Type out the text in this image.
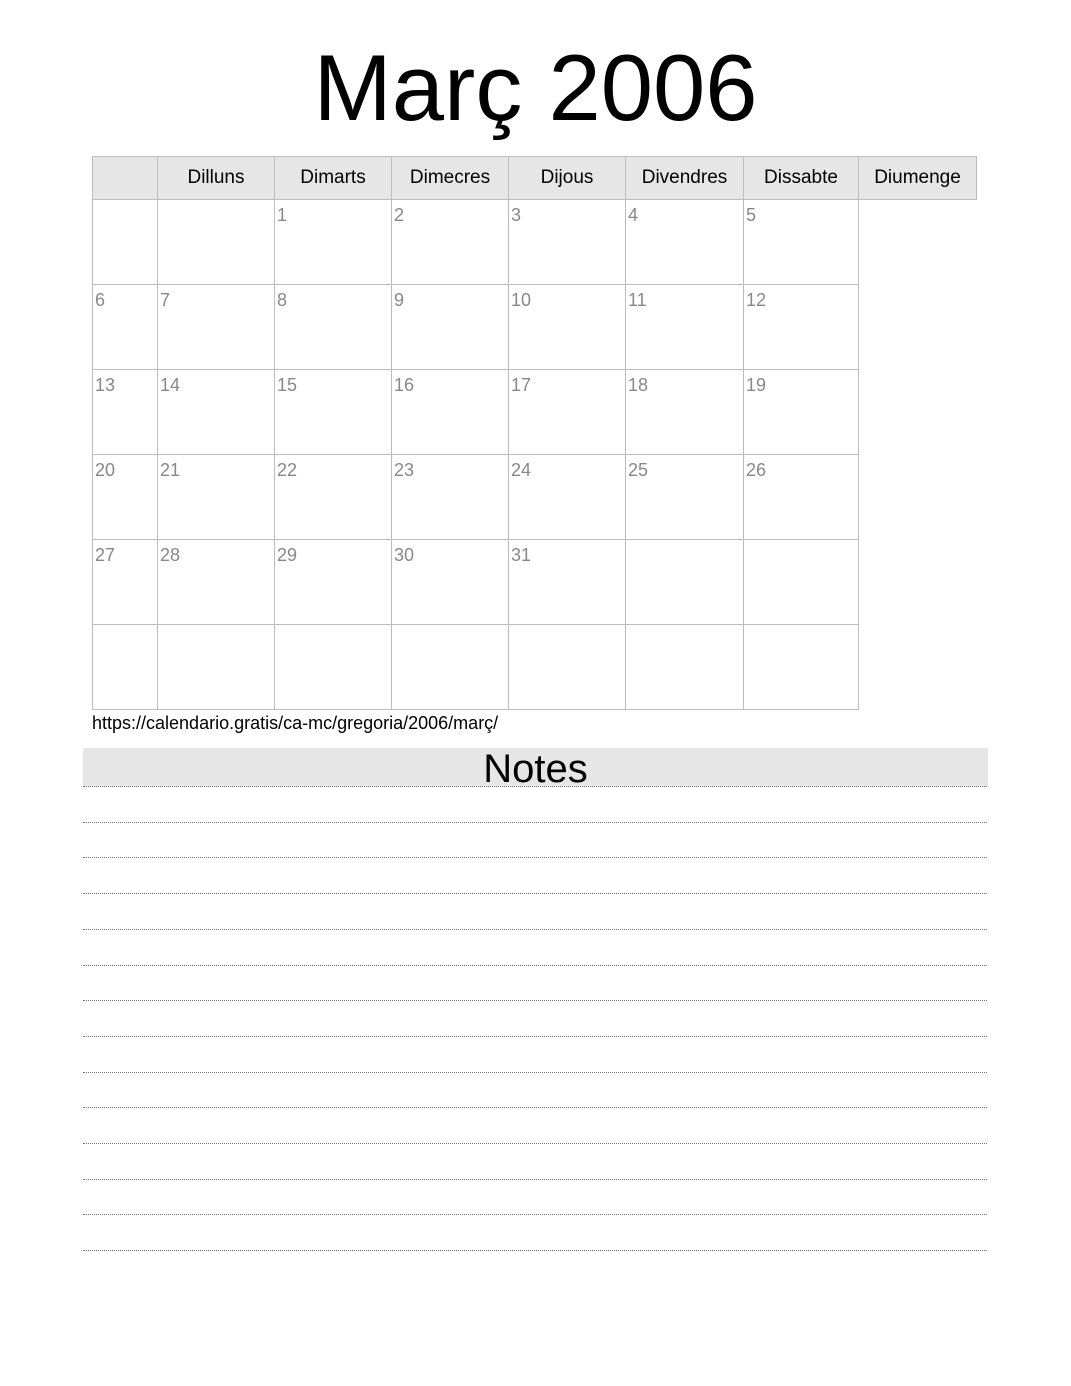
Març 2006
	Dilluns	Dimarts	Dimecres	Dijous	Divendres	Dissabte	Diumenge

		1	2	3	4	5	

6	7	8	9	10	11	12	

13	14	15	16	17	18	19	

20	21	22	23	24	25	26	

27	28	29	30	31			

https://calendario.gratis/ca-mc/gregoria/2006/març/
Notes
